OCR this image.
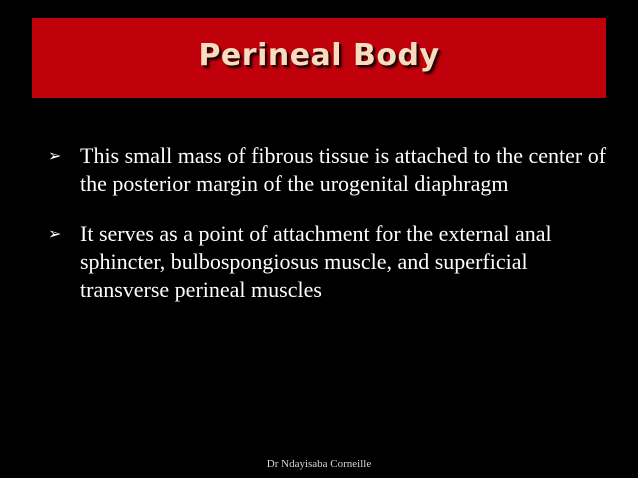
Perineal Body
➢ This small mass of fibrous tissue is attached to the center of the posterior margin of the urogenital diaphragm
➢ It serves as a point of attachment for the external anal sphincter, bulbospongiosus muscle, and superficial transverse perineal muscles
Dr Ndayisaba Corneille
